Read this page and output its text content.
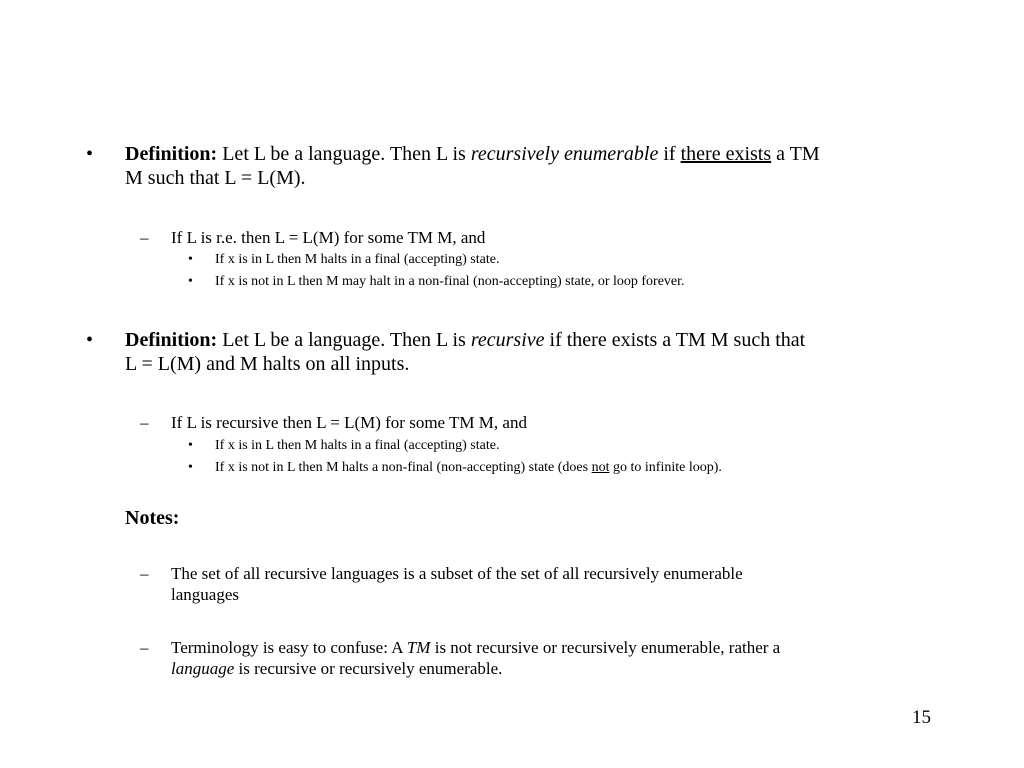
• Definition: Let L be a language. Then L is recursively enumerable if there exists a TM
M such that L = L(M).
– If L is r.e. then L = L(M) for some TM M, and
• If x is in L then M halts in a final (accepting) state.
• If x is not in L then M may halt in a non-final (non-accepting) state, or loop forever.
• Definition: Let L be a language. Then L is recursive if there exists a TM M such that
L = L(M) and M halts on all inputs.
– If L is recursive then L = L(M) for some TM M, and
• If x is in L then M halts in a final (accepting) state.
• If x is not in L then M halts a non-final (non-accepting) state (does not go to infinite loop).
Notes:
– The set of all recursive languages is a subset of the set of all recursively enumerable
languages
– Terminology is easy to confuse: A TM is not recursive or recursively enumerable, rather a
language is recursive or recursively enumerable.
15
